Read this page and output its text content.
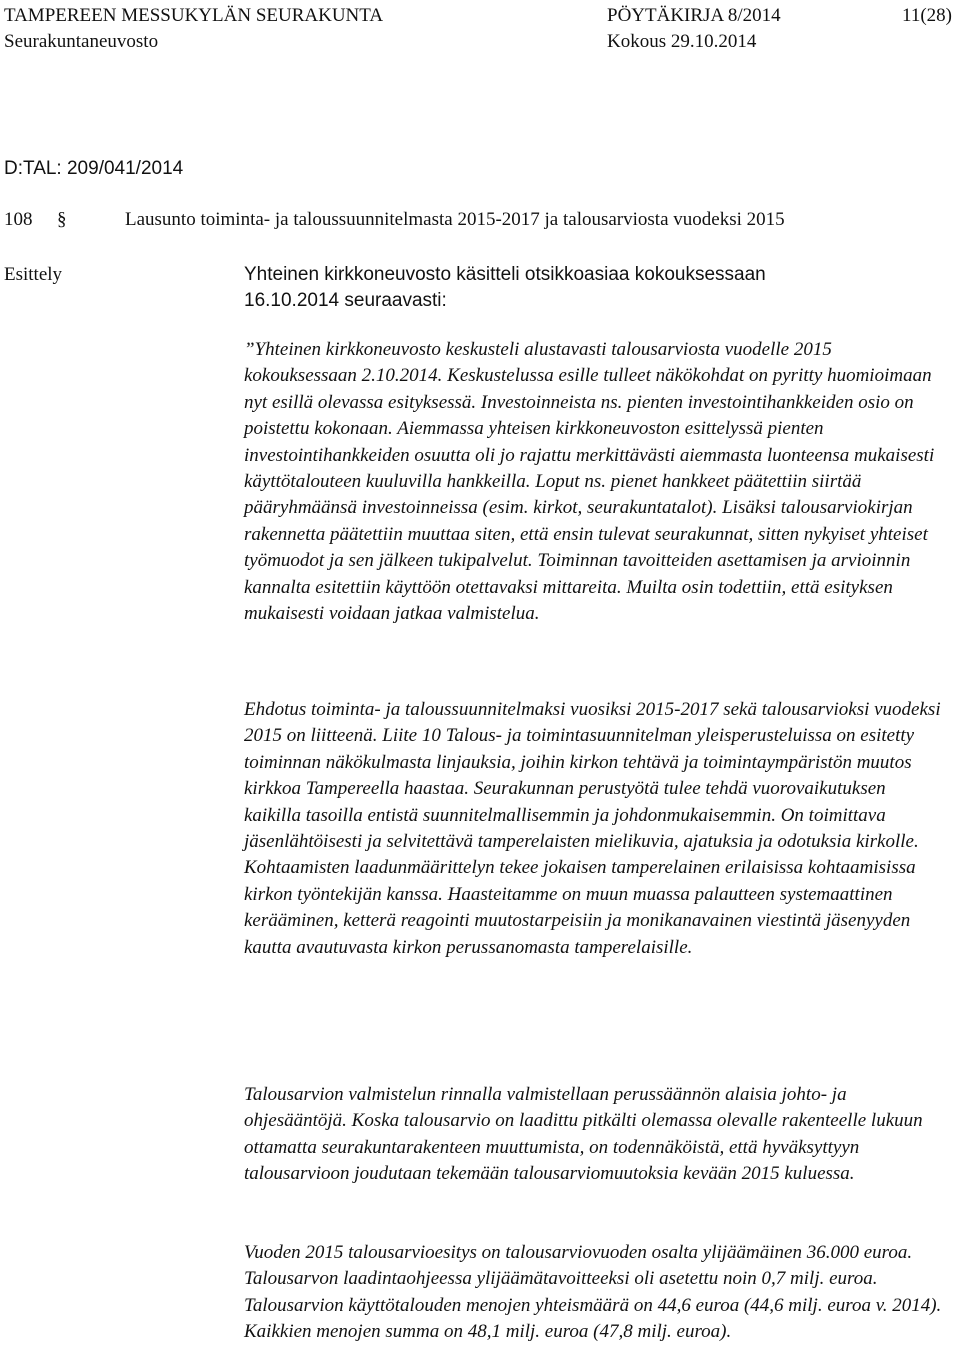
TAMPEREEN MESSUKYLÄN SEURAKUNTA
Seurakuntaneuvosto
PÖYTÄKIRJA 8/2014
Kokous 29.10.2014
11(28)
D:TAL: 209/041/2014
108 §	Lausunto toiminta- ja taloussuunnitelmasta 2015-2017 ja talousarviosta vuodeksi 2015
Esittely	Yhteinen kirkkoneuvosto käsitteli otsikkoasiaa kokouksessaan 16.10.2014 seuraavasti:

”Yhteinen kirkkoneuvosto keskusteli alustavasti talousarviosta vuodelle 2015 kokouksessaan 2.10.2014. Keskustelussa esille tulleet näkökohdat on pyritty huomioimaan nyt esillä olevassa esityksessä. Investoinneista ns. pienten investointihankkeiden osio on poistettu kokonaan. Aiemmassa yhteisen kirkkoneuvoston esittelyssä pienten investointihankkeiden osuutta oli jo rajattu merkittävästi aiemmasta luonteensa mukaisesti käyttötalouteen kuuluvilla hankkeilla. Loput ns. pienet hankkeet päätettiin siirtää pääryhmäänsä investoinneissa (esim. kirkot, seurakuntatalot). Lisäksi talousarviokirjan rakennetta päätettiin muuttaa siten, että ensin tulevat seurakunnat, sitten nykyiset yhteiset työmuodot ja sen jälkeen tukipalvelut. Toiminnan tavoitteiden asettamisen ja arvioinnin kannalta esitettiin käyttöön otettavaksi mittareita. Muilta osin todettiin, että esityksen mukaisesti voidaan jatkaa valmistelua.

Ehdotus toiminta- ja taloussuunnitelmaksi vuosiksi 2015-2017 sekä talousarvioksi vuodeksi 2015 on liitteenä. Liite 10 Talous- ja toimintasuunnitelman yleisperusteluissa on esitetty toiminnan näkökulmasta linjauksia, joihin kirkon tehtävä ja toimintaympäristön muutos kirkkoa Tampereella haastaa. Seurakunnan perustyötä tulee tehdä vuorovaikutuksen kaikilla tasoilla entistä suunnitelmallisemmin ja johdonmukaisemmin. On toimittava jäsenlähtöisesti ja selvitettävä tamperelaisten mielikuvia, ajatuksia ja odotuksia kirkolle. Kohtaamisten laadunmäärittelyn tekee jokaisen tamperelainen erilaisissa kohtaamisissa kirkon työntekijän kanssa. Haasteitamme on muun muassa palautteen systemaattinen kerääminen, ketterä reagointi muutostarpeisiin ja monikanavainen viestintä jäsenyyden kautta avautuvasta kirkon perussanomasta tamperelaisille.

Talousarvion valmistelun rinnalla valmistellaan perussäännön alaisia johto- ja ohjesääntöjä. Koska talousarvio on laadittu pitkälti olemassa olevalle rakenteelle lukuun ottamatta seurakuntarakenteen muuttumista, on todennäköistä, että hyväksyttyyn talousarvioon joudutaan tekemään talousarviomuutoksia kevään 2015 kuluessa.

Vuoden 2015 talousarvioesitys on talousarviovuoden osalta ylijäämäinen 36.000 euroa. Talousarvon laadintaohjeessa ylijäämätavoitteeksi oli asetettu noin 0,7 milj. euroa. Talousarvion käyttötalouden menojen yhteismäärä on 44,6 euroa (44,6 milj. euroa v. 2014). Kaikkien menojen summa on 48,1 milj. euroa (47,8 milj. euroa).
